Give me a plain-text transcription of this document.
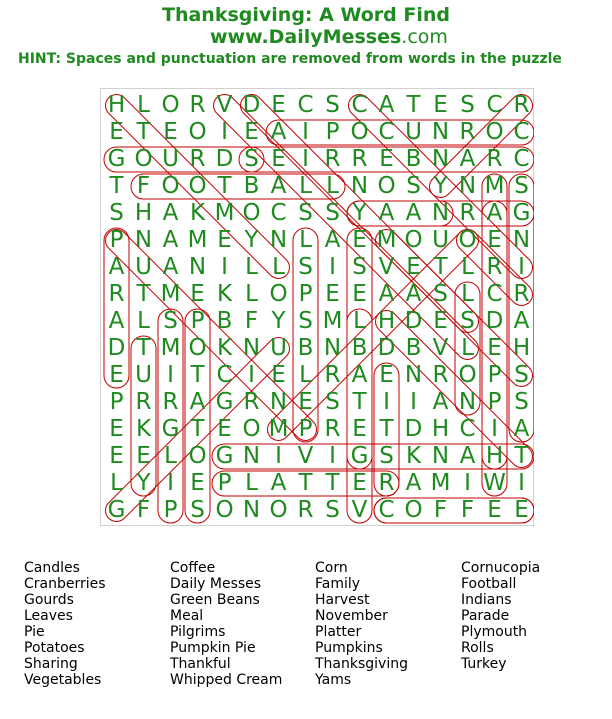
Thanksgiving: A Word Find
www.DailyMesses.com
HINT: Spaces and punctuation are removed from words in the puzzle
H L O R V D E C S C A T E S C R
E T E O I E A I P O C U N R O C
G O U R D S E I R R E B N A R C
T F O O T B A L L N O S Y N M S
S H A K M O C S S Y A A N R A G
P N A M E Y N L A E M O U O E N
A U A N I L L S I S V E T L R I
R T M E K L O P E E A A S L C R
A L S P B F Y S M L H D E S D A
D T M O K N U B N B D B V L E H
E U I T C I E L R A E N R O P S
P R R A G R N E S T I I A N P S
E K G T E O M P R E T D H C I A
E E L O G N I V I G S K N A H T
L Y I E P L A T T E R A M I W I
G F P S O N O R S V C O F F E E
Candles
Cranberries
Gourds
Leaves
Pie
Potatoes
Sharing
Vegetables
Coffee
Daily Messes
Green Beans
Meal
Pilgrims
Pumpkin Pie
Thankful
Whipped Cream
Corn
Family
Harvest
November
Platter
Pumpkins
Thanksgiving
Yams
Cornucopia
Football
Indians
Parade
Plymouth
Rolls
Turkey
